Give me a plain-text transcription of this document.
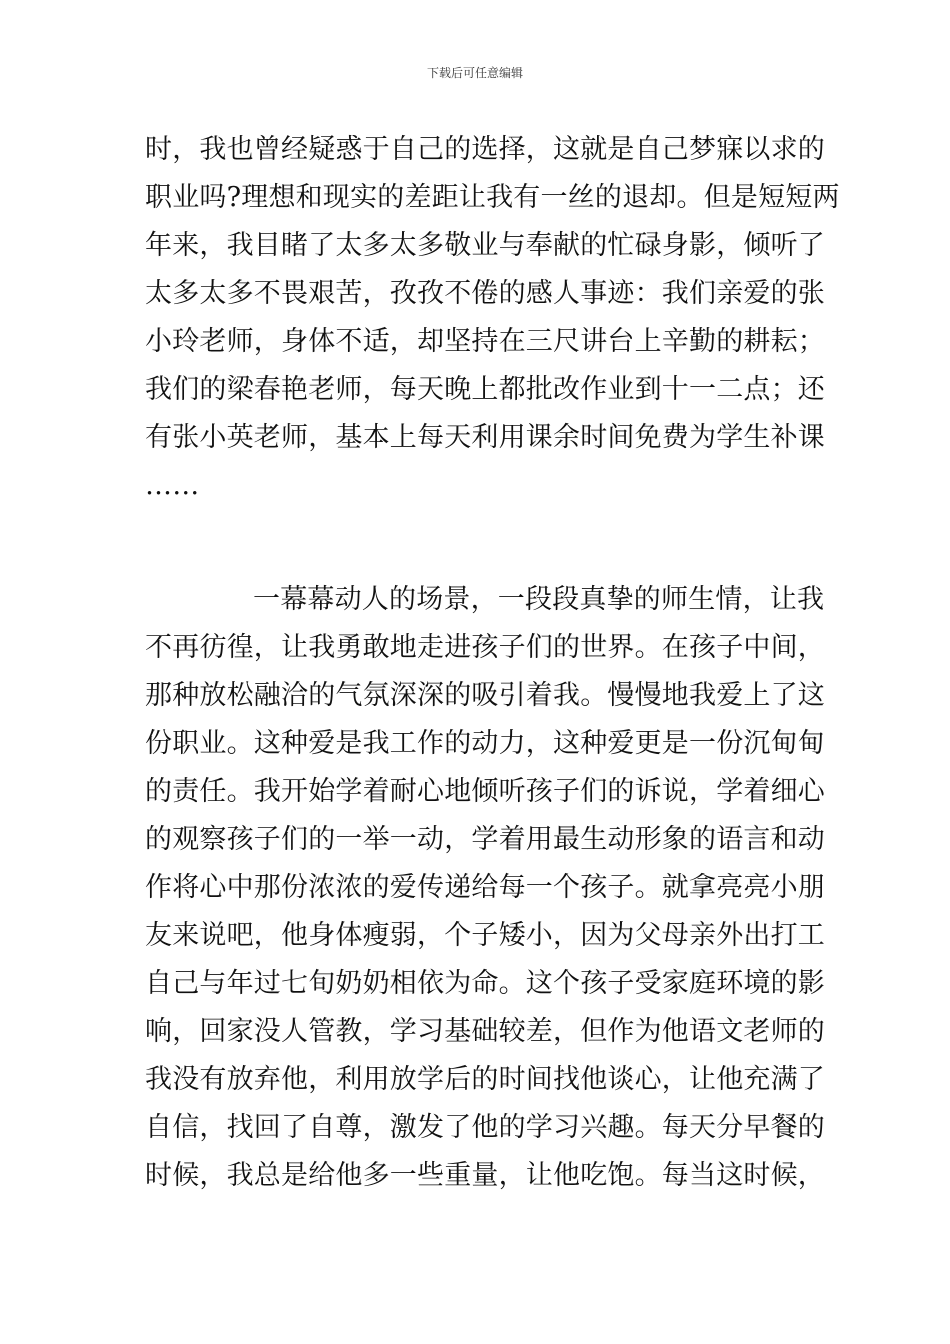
下载后可任意编辑
时，我也曾经疑惑于自己的选择，这就是自己梦寐以求的
职业吗?理想和现实的差距让我有一丝的退却。但是短短两
年来，我目睹了太多太多敬业与奉献的忙碌身影，倾听了
太多太多不畏艰苦，孜孜不倦的感人事迹：我们亲爱的张
小玲老师，身体不适，却坚持在三尺讲台上辛勤的耕耘；
我们的梁春艳老师，每天晚上都批改作业到十一二点；还
有张小英老师，基本上每天利用课余时间免费为学生补课
……
一幕幕动人的场景，一段段真挚的师生情，让我
不再彷徨，让我勇敢地走进孩子们的世界。在孩子中间，
那种放松融洽的气氛深深的吸引着我。慢慢地我爱上了这
份职业。这种爱是我工作的动力，这种爱更是一份沉甸甸
的责任。我开始学着耐心地倾听孩子们的诉说，学着细心
的观察孩子们的一举一动，学着用最生动形象的语言和动
作将心中那份浓浓的爱传递给每一个孩子。就拿亮亮小朋
友来说吧，他身体瘦弱，个子矮小，因为父母亲外出打工
自己与年过七旬奶奶相依为命。这个孩子受家庭环境的影
响，回家没人管教，学习基础较差，但作为他语文老师的
我没有放弃他，利用放学后的时间找他谈心，让他充满了
自信，找回了自尊，激发了他的学习兴趣。每天分早餐的
时候，我总是给他多一些重量，让他吃饱。每当这时候，
